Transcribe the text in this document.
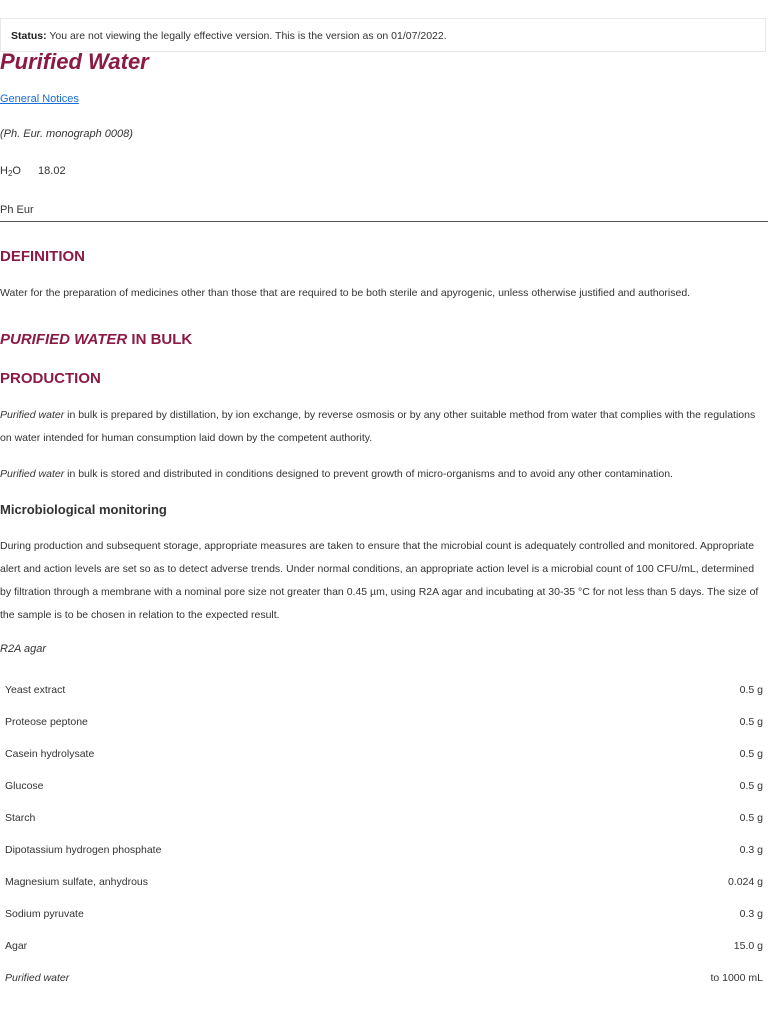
Status: You are not viewing the legally effective version. This is the version as on 01/07/2022.
Purified Water
General Notices
(Ph. Eur. monograph 0008)
$H_2O$ 18.02
Ph Eur
DEFINITION

Water for the preparation of medicines other than those that are required to be both sterile and apyrogenic, unless otherwise justified and authorised.

PURIFIED WATER IN BULK
PRODUCTION

Purified water in bulk is prepared by distillation, by ion exchange, by reverse osmosis or by any other suitable method from water that complies with the regulations on water intended for human consumption laid down by the competent authority.

Purified water in bulk is stored and distributed in conditions designed to prevent growth of micro-organisms and to avoid any other contamination.

Microbiological monitoring

During production and subsequent storage, appropriate measures are taken to ensure that the microbial count is adequately controlled and monitored. Appropriate alert and action levels are set so as to detect adverse trends. Under normal conditions, an appropriate action level is a microbial count of 100 CFU/mL, determined by filtration through a membrane with a nominal pore size not greater than 0.45 µm, using R2A agar and incubating at 30-35 °C for not less than 5 days. The size of the sample is to be chosen in relation to the expected result.

R2A agar
Yeast extract	0.5 g
Proteose peptone	0.5 g
Casein hydrolysate	0.5 g
Glucose	0.5 g
Starch	0.5 g
Dipotassium hydrogen phosphate	0.3 g
Magnesium sulfate, anhydrous	0.024 g
Sodium pyruvate	0.3 g
Agar	15.0 g
Purified water	to 1000 mL
